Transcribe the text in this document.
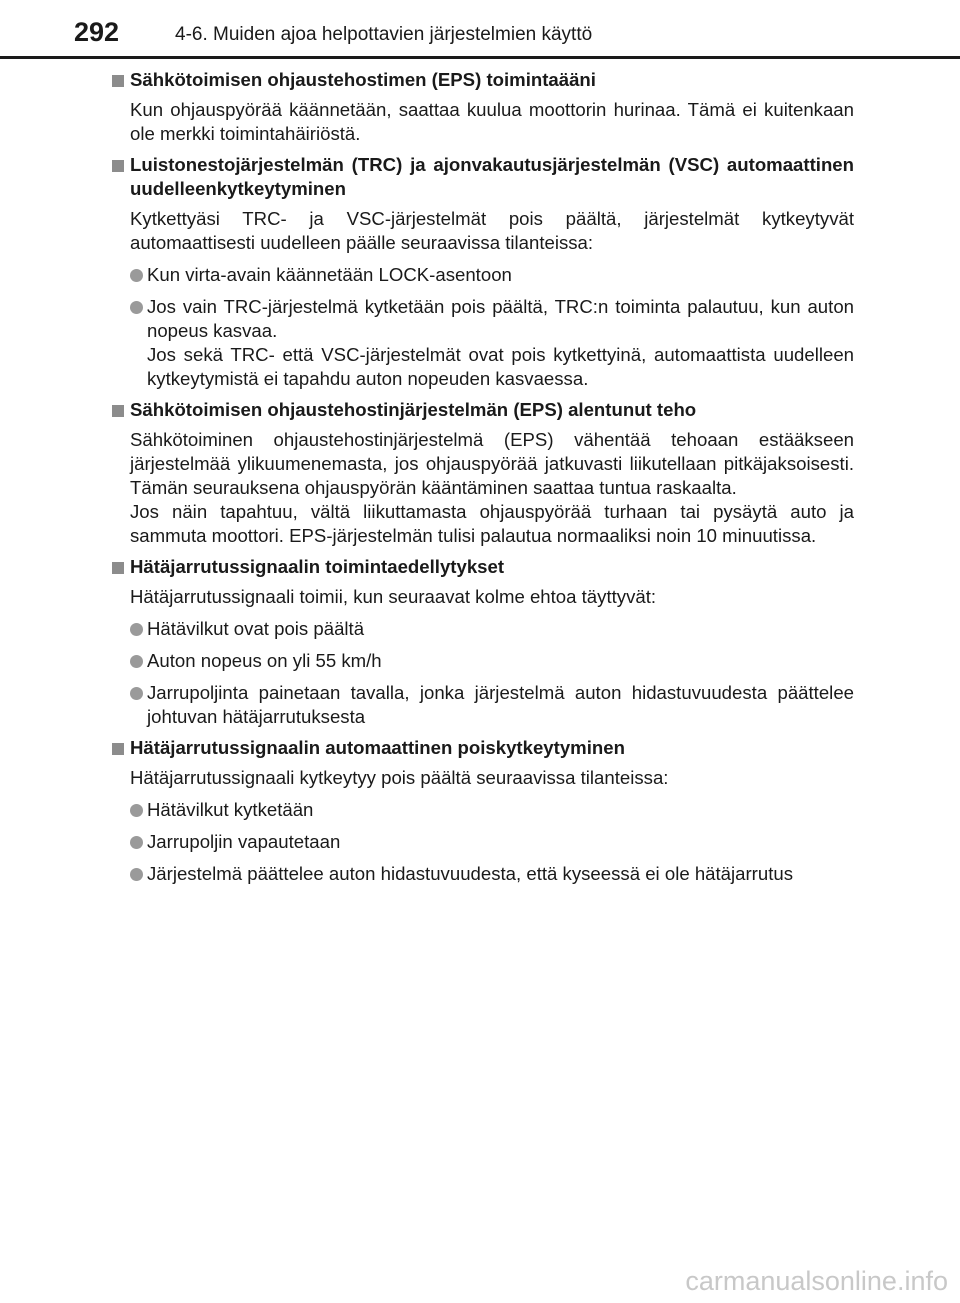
292	4-6. Muiden ajoa helpottavien järjestelmien käyttö
Sähkötoimisen ohjaustehostimen (EPS) toimintaääni
Kun ohjauspyörää käännetään, saattaa kuulua moottorin hurinaa. Tämä ei kuitenkaan ole merkki toimintahäiriöstä.
Luistonestojärjestelmän (TRC) ja ajonvakautusjärjestelmän (VSC) automaattinen uudelleenkytkeytyminen
Kytkettyäsi TRC- ja VSC-järjestelmät pois päältä, järjestelmät kytkeytyvät automaattisesti uudelleen päälle seuraavissa tilanteissa:
Kun virta-avain käännetään LOCK-asentoon
Jos vain TRC-järjestelmä kytketään pois päältä, TRC:n toiminta palautuu, kun auton nopeus kasvaa.
Jos sekä TRC- että VSC-järjestelmät ovat pois kytkettyinä, automaattista uudelleen kytkeytymistä ei tapahdu auton nopeuden kasvaessa.
Sähkötoimisen ohjaustehostinjärjestelmän (EPS) alentunut teho
Sähkötoiminen ohjaustehostinjärjestelmä (EPS) vähentää tehoaan estääkseen järjestelmää ylikuumenemasta, jos ohjauspyörää jatkuvasti liikutellaan pitkäjaksoisesti. Tämän seurauksena ohjauspyörän kääntäminen saattaa tuntua raskaalta.
Jos näin tapahtuu, vältä liikuttamasta ohjauspyörää turhaan tai pysäytä auto ja sammuta moottori. EPS-järjestelmän tulisi palautua normaaliksi noin 10 minuutissa.
Hätäjarrutussignaalin toimintaedellytykset
Hätäjarrutussignaali toimii, kun seuraavat kolme ehtoa täyttyvät:
Hätävilkut ovat pois päältä
Auton nopeus on yli 55 km/h
Jarrupoljinta painetaan tavalla, jonka järjestelmä auton hidastuvuudesta päättelee johtuvan hätäjarrutuksesta
Hätäjarrutussignaalin automaattinen poiskytkeytyminen
Hätäjarrutussignaali kytkeytyy pois päältä seuraavissa tilanteissa:
Hätävilkut kytketään
Jarrupoljin vapautetaan
Järjestelmä päättelee auton hidastuvuudesta, että kyseessä ei ole hätäjarrutus
carmanualsonline.info
